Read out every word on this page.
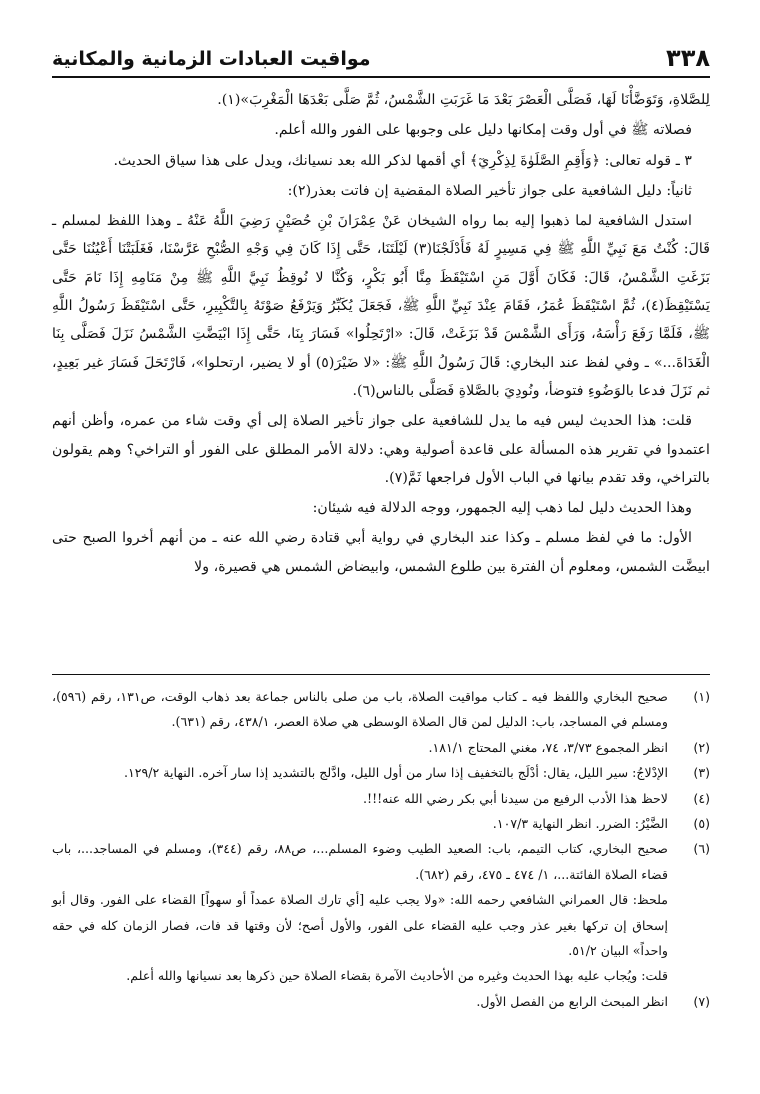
٣٣٨
مواقيت العبادات الزمانية والمكانية

لِلصَّلاةِ، وَتَوَضَّأْنَا لَهَا، فَصَلَّى الْعَصْرَ بَعْدَ مَا غَرَبَتِ الشَّمْسُ، ثُمَّ صَلَّى بَعْدَهَا الْمَغْرِبَ»(١).

فصلاته ﷺ في أول وقت إمكانها دليل على وجوبها على الفور والله أعلم.

٣ ـ قوله تعالى: ﴿وَأَقِمِ الصَّلَوٰةَ لِذِكْرِيٓ﴾ أي أقمها لذكر الله بعد نسيانك، ويدل على هذا سياق الحديث.

ثانياً: دليل الشافعية على جواز تأخير الصلاة المقضية إن فاتت بعذر(٢):

استدل الشافعية لما ذهبوا إليه بما رواه الشيخان عَنْ عِمْرَانَ بْنِ حُصَيْنٍ رَضِيَ اللَّهُ عَنْهُ ـ وهذا اللفظ لمسلم ـ قَالَ: كُنْتُ مَعَ نَبِيِّ اللَّهِ ﷺ فِي مَسِيرٍ لَهُ فَأَدْلَجْنَا(٣) لَيْلَتَنَا، حَتَّى إِذَا كَانَ فِي وَجْهِ الصُّبْحِ عَرَّسْنَا، فَغَلَبَتْنَا أَعْيُنُنَا حَتَّى بَزَغَتِ الشَّمْسُ، قَالَ: فَكَانَ أَوَّلَ مَنِ اسْتَيْقَظَ مِنَّا أَبُو بَكْرٍ، وَكُنَّا لا نُوقِظُ نَبِيَّ اللَّهِ ﷺ مِنْ مَنَامِهِ إِذَا نَامَ حَتَّى يَسْتَيْقِظَ(٤)، ثُمَّ اسْتَيْقَظَ عُمَرُ، فَقَامَ عِنْدَ نَبِيِّ اللَّهِ ﷺ، فَجَعَلَ يُكَبِّرُ وَيَرْفَعُ صَوْتَهُ بِالتَّكْبِيرِ، حَتَّى اسْتَيْقَظَ رَسُولُ اللَّهِ ﷺ، فَلَمَّا رَفَعَ رَأْسَهُ، وَرَأَى الشَّمْسَ قَدْ بَزَغَتْ، قَالَ: «ارْتَحِلُوا» فَسَارَ بِنَا، حَتَّى إِذَا ابْيَضَّتِ الشَّمْسُ نَزَلَ فَصَلَّى بِنَا الْغَدَاةَ...» ـ وفي لفظ عند البخاري: قَالَ رَسُولُ اللَّهِ ﷺ: «لا ضَيْرَ(٥) أو لا يضير، ارتحلوا»، فَارْتَحَلَ فَسَارَ غير بَعِيدٍ، ثم نَزَلَ فدعا بالوَضُوءِ فتوضأ، ونُودِيَ بالصَّلاةِ فَصَلَّى بالناس(٦).

قلت: هذا الحديث ليس فيه ما يدل للشافعية على جواز تأخير الصلاة إلى أي وقت شاء من عمره، وأظن أنهم اعتمدوا في تقرير هذه المسألة على قاعدة أصولية وهي: دلالة الأمر المطلق على الفور أو التراخي؟ وهم يقولون بالتراخي، وقد تقدم بيانها في الباب الأول فراجعها ثَمَّ(٧).

وهذا الحديث دليل لما ذهب إليه الجمهور، ووجه الدلالة فيه شيئان:

الأول: ما في لفظ مسلم ـ وكذا عند البخاري في رواية أبي قتادة رضي الله عنه ـ من أنهم أخروا الصبح حتى ابيضَّت الشمس، ومعلوم أن الفترة بين طلوع الشمس، وابيضاض الشمس هي قصيرة، ولا

(١)
صحيح البخاري واللفظ فيه ـ كتاب مواقيت الصلاة، باب من صلى بالناس جماعة بعد ذهاب الوقت، ص١٣١، رقم (٥٩٦)، ومسلم في المساجد، باب: الدليل لمن قال الصلاة الوسطى هي صلاة العصر، ٤٣٨/١، رقم (٦٣١).
(٢)
انظر المجموع ٣/٧٣، ٧٤، مغني المحتاج ١٨١/١.
(٣)
الإدْلاجُ: سير الليل، يقال: أدْلَج بالتخفيف إذا سار من أول الليل، وادَّلج بالتشديد إذا سار آخره. النهاية ١٢٩/٢.
(٤)
لاحظ هذا الأدب الرفيع من سيدنا أبي بكر رضي الله عنه!!!.
(٥)
الضَّيْرُ: الضرر. انظر النهاية ١٠٧/٣.
(٦)
صحيح البخاري، كتاب التيمم، باب: الصعيد الطيب وضوء المسلم...، ص٨٨، رقم (٣٤٤)، ومسلم في المساجد...، باب قضاء الصلاة الفائتة...، ١/ ٤٧٤ ـ ٤٧٥، رقم (٦٨٢).
ملحظ: قال العمراني الشافعي رحمه الله: «ولا يجب عليه [أي تارك الصلاة عمداً أو سهواً] القضاء على الفور. وقال أبو إسحاق إن تركها بغير عذر وجب عليه القضاء على الفور، والأول أصح؛ لأن وقتها قد فات، فصار الزمان كله في حقه واحداً» البيان ٥١/٢.
قلت: ويُجاب عليه بهذا الحديث وغيره من الأحاديث الآمرة بقضاء الصلاة حين ذكرها بعد نسيانها والله أعلم.
(٧)
انظر المبحث الرابع من الفصل الأول.
